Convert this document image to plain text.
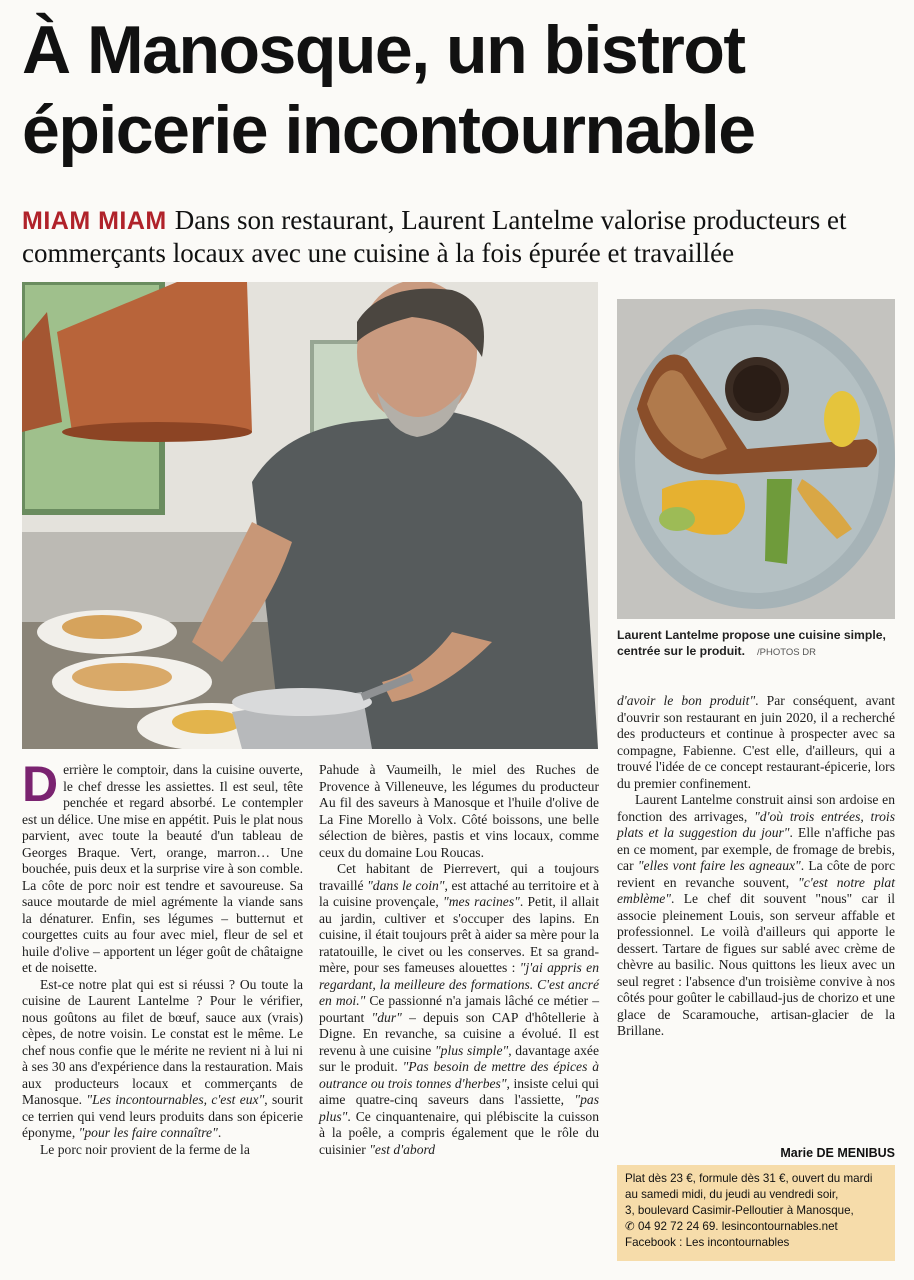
À Manosque, un bistrot
épicerie incontournable
MIAM MIAM Dans son restaurant, Laurent Lantelme valorise producteurs et commerçants locaux avec une cuisine à la fois épurée et travaillée
Laurent Lantelme propose une cuisine simple, centrée sur le produit. /PHOTOS DR

Derrière le comptoir, dans la cuisine ouverte, le chef dresse les assiettes. Il est seul, tête penchée et regard absorbé. Le contempler est un délice. Une mise en appétit. Puis le plat nous parvient, avec toute la beauté d'un tableau de Georges Braque. Vert, orange, marron… Une bouchée, puis deux et la surprise vire à son comble. La côte de porc noir est tendre et savoureuse. Sa sauce moutarde de miel agrémente la viande sans la dénaturer. Enfin, ses légumes – butternut et courgettes cuits au four avec miel, fleur de sel et huile d'olive – apportent un léger goût de châtaigne et de noisette.

Est-ce notre plat qui est si réussi ? Ou toute la cuisine de Laurent Lantelme ? Pour le vérifier, nous goûtons au filet de bœuf, sauce aux (vrais) cèpes, de notre voisin. Le constat est le même. Le chef nous confie que le mérite ne revient ni à lui ni à ses 30 ans d'expérience dans la restauration. Mais aux producteurs locaux et commerçants de Manosque. "Les incontournables, c'est eux", sourit ce terrien qui vend leurs produits dans son épicerie éponyme, "pour les faire connaître".

Le porc noir provient de la ferme de la

Pahude à Vaumeilh, le miel des Ruches de Provence à Villeneuve, les légumes du producteur Au fil des saveurs à Manosque et l'huile d'olive de La Fine Morello à Volx. Côté boissons, une belle sélection de bières, pastis et vins locaux, comme ceux du domaine Lou Roucas.

Cet habitant de Pierrevert, qui a toujours travaillé "dans le coin", est attaché au territoire et à la cuisine provençale, "mes racines". Petit, il allait au jardin, cultiver et s'occuper des lapins. En cuisine, il était toujours prêt à aider sa mère pour la ratatouille, le civet ou les conserves. Et sa grand-mère, pour ses fameuses alouettes : "j'ai appris en regardant, la meilleure des formations. C'est ancré en moi." Ce passionné n'a jamais lâché ce métier – pourtant "dur" – depuis son CAP d'hôtellerie à Digne. En revanche, sa cuisine a évolué. Il est revenu à une cuisine "plus simple", davantage axée sur le produit. "Pas besoin de mettre des épices à outrance ou trois tonnes d'herbes", insiste celui qui aime quatre-cinq saveurs dans l'assiette, "pas plus". Ce cinquantenaire, qui plébiscite la cuisson à la poêle, a compris également que le rôle du cuisinier "est d'abord

d'avoir le bon produit". Par conséquent, avant d'ouvrir son restaurant en juin 2020, il a recherché des producteurs et continue à prospecter avec sa compagne, Fabienne. C'est elle, d'ailleurs, qui a trouvé l'idée de ce concept restaurant-épicerie, lors du premier confinement.

Laurent Lantelme construit ainsi son ardoise en fonction des arrivages, "d'où trois entrées, trois plats et la suggestion du jour". Elle n'affiche pas en ce moment, par exemple, de fromage de brebis, car "elles vont faire les agneaux". La côte de porc revient en revanche souvent, "c'est notre plat emblème". Le chef dit souvent "nous" car il associe pleinement Louis, son serveur affable et professionnel. Le voilà d'ailleurs qui apporte le dessert. Tartare de figues sur sablé avec crème de chèvre au basilic. Nous quittons les lieux avec un seul regret : l'absence d'un troisième convive à nos côtés pour goûter le cabillaud-jus de chorizo et une glace de Scaramouche, artisan-glacier de la Brillane.

Marie DE MENIBUS
Plat dès 23 €, formule dès 31 €, ouvert du mardi
au samedi midi, du jeudi au vendredi soir,
3, boulevard Casimir-Pelloutier à Manosque,
✆ 04 92 72 24 69. lesincontournables.net
Facebook : Les incontournables
